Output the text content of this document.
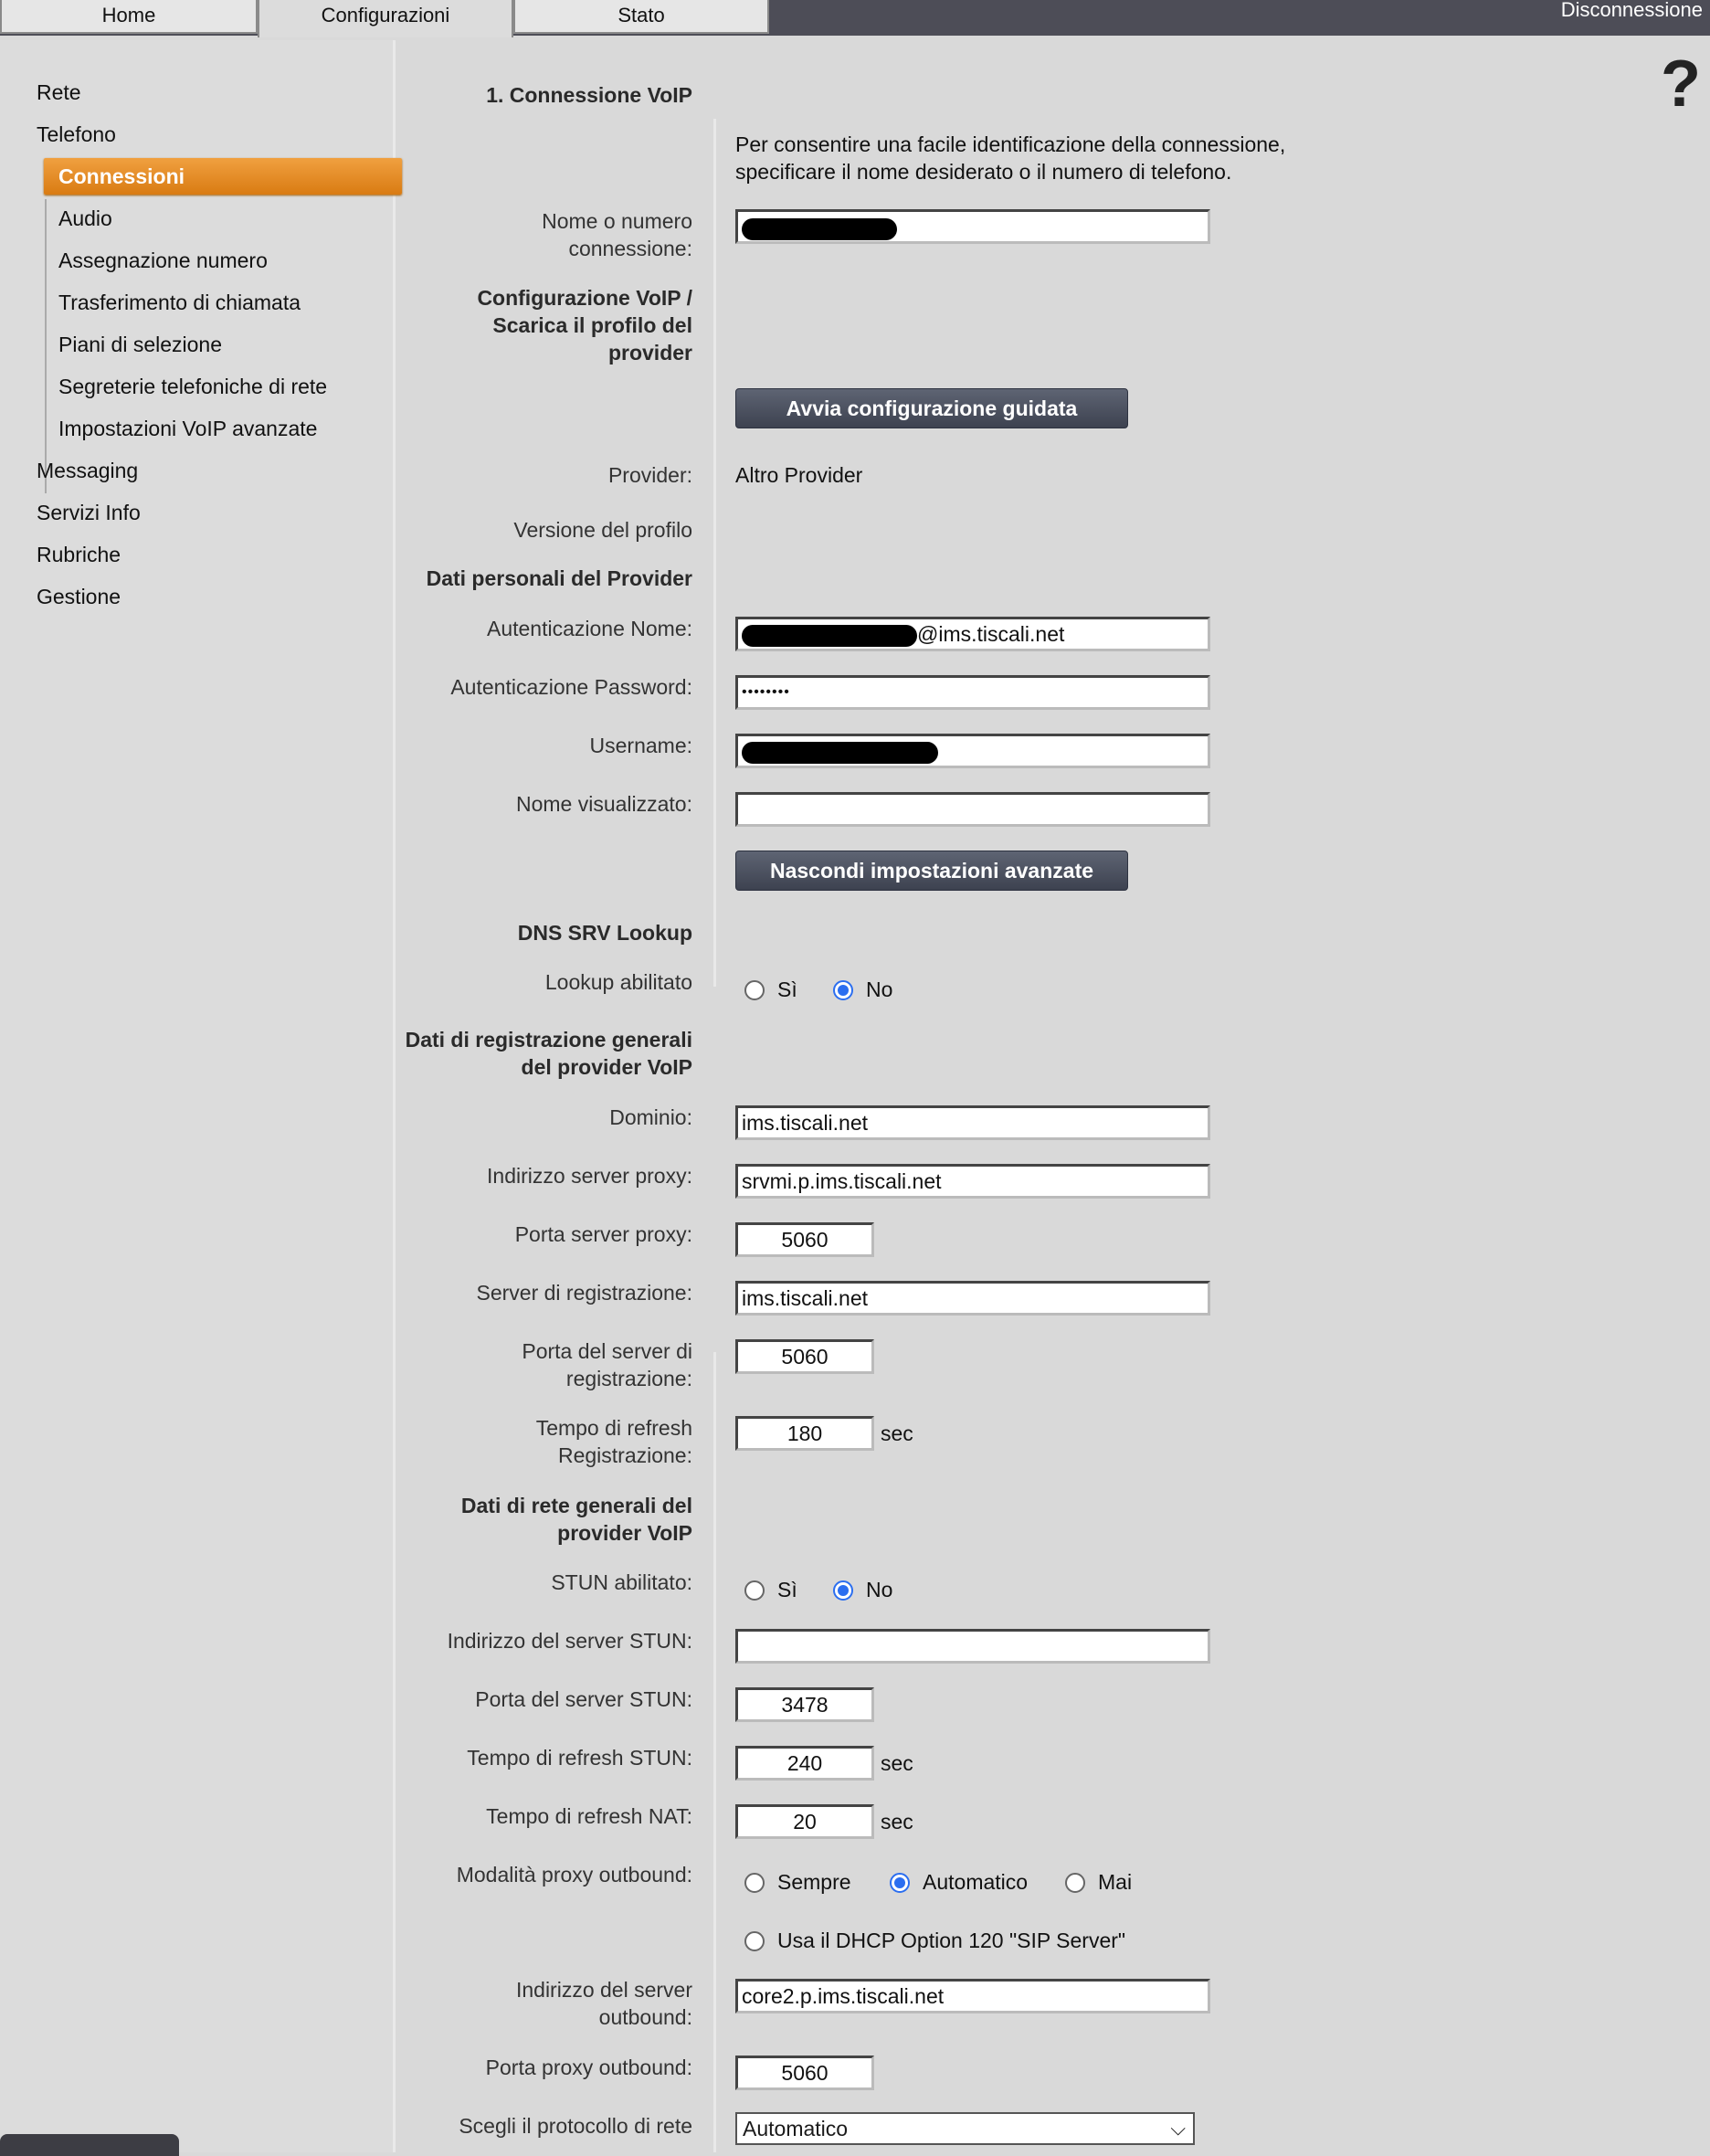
Home	Configurazioni	Stato	Disconnessione
Rete
Telefono
Connessioni
Audio
Assegnazione numero
Trasferimento di chiamata
Piani di selezione
Segreterie telefoniche di rete
Impostazioni VoIP avanzate
Messaging
Servizi Info
Rubriche
Gestione
?
1. Connessione VoIP
Per consentire una facile identificazione della connessione, specificare il nome desiderato o il numero di telefono.
Nome o numero connessione:
Configurazione VoIP / Scarica il profilo del provider
Avvia configurazione guidata
Provider: Altro Provider
Versione del profilo
Dati personali del Provider
Autenticazione Nome:	@ims.tiscali.net
Autenticazione Password:	••••••••
Username:
Nome visualizzato:
Nascondi impostazioni avanzate
DNS SRV Lookup
Lookup abilitato	Sì	No
Dati di registrazione generali del provider VoIP
Dominio:	ims.tiscali.net
Indirizzo server proxy:	srvmi.p.ims.tiscali.net
Porta server proxy:	5060
Server di registrazione:	ims.tiscali.net
Porta del server di registrazione:
5060
Tempo di refresh Registrazione:
180	sec
Dati di rete generali del provider VoIP
STUN abilitato:	Sì	No
Indirizzo del server STUN:
Porta del server STUN:	3478
Tempo di refresh STUN:	240	sec
Tempo di refresh NAT:	20	sec
Modalità proxy outbound:	Sempre	Automatico	Mai
Usa il DHCP Option 120 "SIP Server"
Indirizzo del server outbound:
core2.p.ims.tiscali.net
Porta proxy outbound:	5060
Scegli il protocollo di rete	Automatico	⌵
